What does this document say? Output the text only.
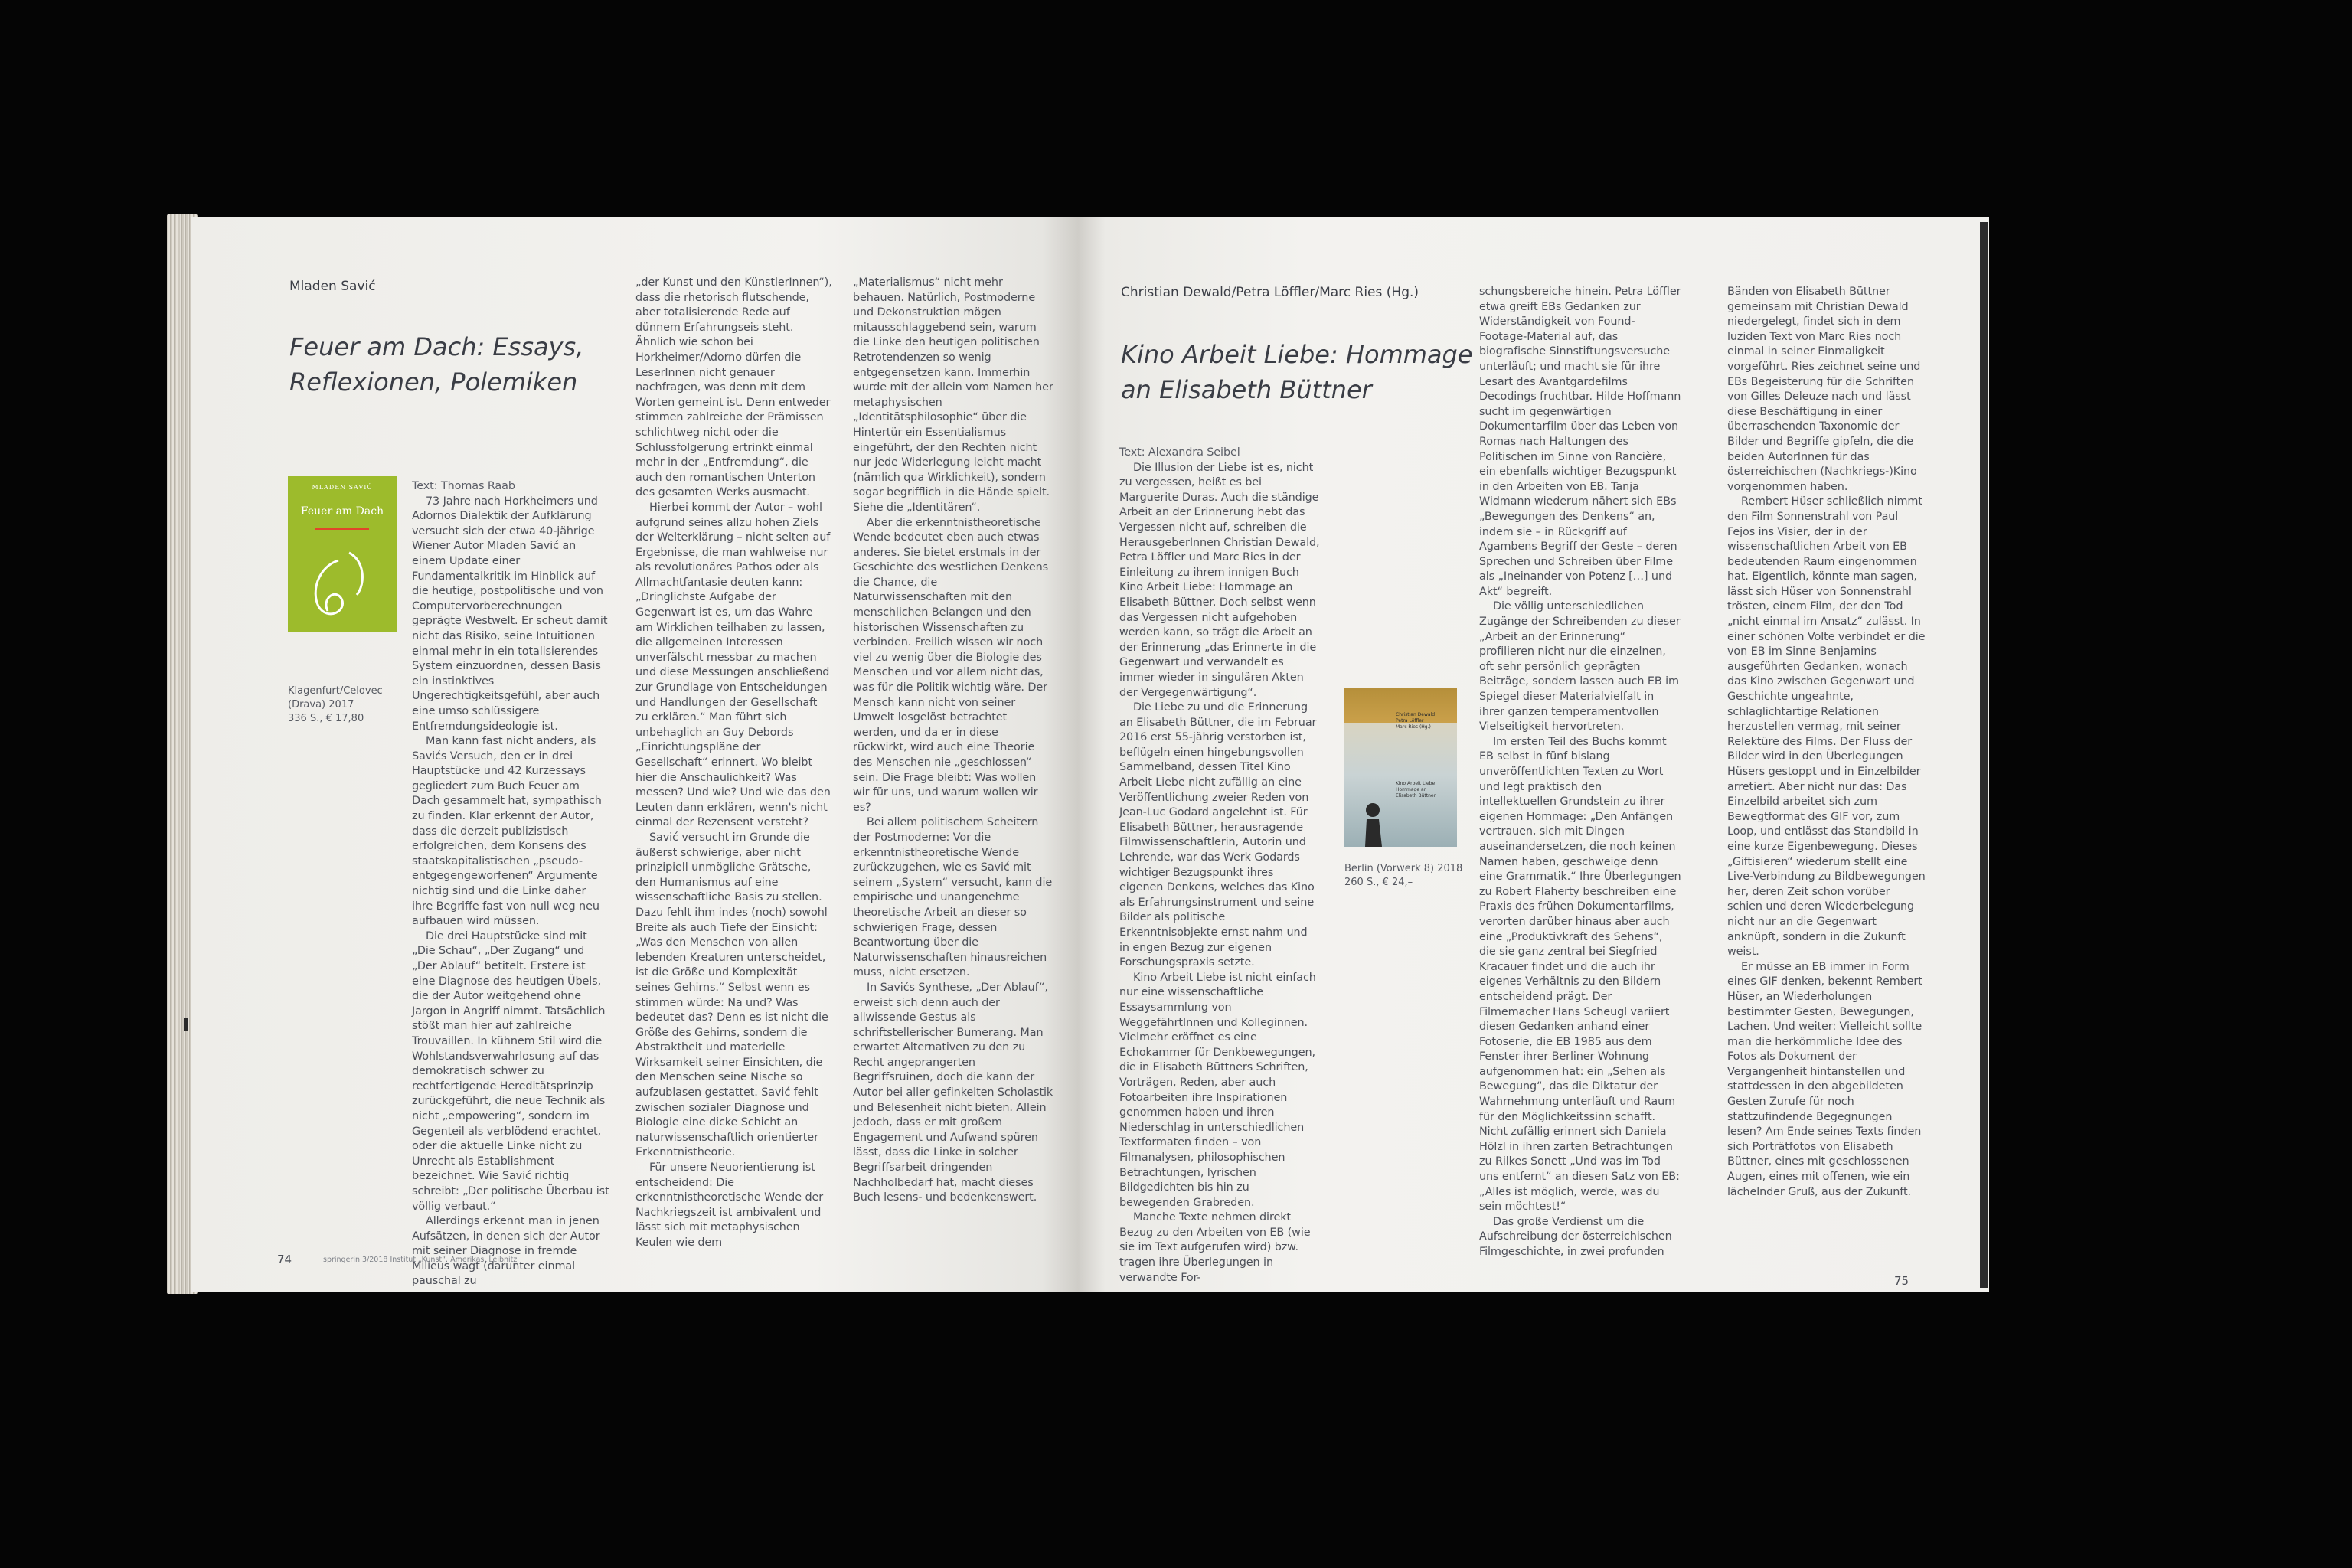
Mladen Savić
Feuer am Dach: Essays,
Reflexionen, Polemiken
MLADEN SAVIĆ
Feuer am Dach
Klagenfurt/Celovec
(Drava) 2017
336 S., € 17,80

Text: Thomas Raab

73 Jahre nach Horkheimers und Adornos Dialektik der Aufklärung versucht sich der etwa 40-jährige Wiener Autor Mladen Savić an einem Update einer Fundamentalkritik im Hinblick auf die heutige, postpolitische und von Computervorberechnungen geprägte Westwelt. Er scheut damit nicht das Risiko, seine Intuitionen einmal mehr in ein totalisierendes System einzuordnen, dessen Basis ein instinktives Ungerechtigkeitsgefühl, aber auch eine umso schlüssigere Entfremdungsideologie ist.

Man kann fast nicht anders, als Savićs Versuch, den er in drei Hauptstücke und 42 Kurzessays gegliedert zum Buch Feuer am Dach gesammelt hat, sympathisch zu finden. Klar erkennt der Autor, dass die derzeit publizistisch erfolgreichen, dem Konsens des staatskapitalistischen „pseudo-entgegengeworfenen“ Argumente nichtig sind und die Linke daher ihre Begriffe fast von null weg neu aufbauen wird müssen.

Die drei Hauptstücke sind mit „Die Schau“, „Der Zugang“ und „Der Ablauf“ betitelt. Erstere ist eine Diagnose des heutigen Übels, die der Autor weitgehend ohne Jargon in Angriff nimmt. Tatsächlich stößt man hier auf zahlreiche Trouvaillen. In kühnem Stil wird die Wohlstandsverwahrlosung auf das demokratisch schwer zu rechtfertigende Hereditätsprinzip zurückgeführt, die neue Technik als nicht „empowering“, sondern im Gegenteil als verblödend erachtet, oder die aktuelle Linke nicht zu Unrecht als Establishment bezeichnet. Wie Savić richtig schreibt: „Der politische Überbau ist völlig verbaut.“

Allerdings erkennt man in jenen Aufsätzen, in denen sich der Autor mit seiner Diagnose in fremde Milieus wagt (darunter einmal pauschal zu

„der Kunst und den KünstlerInnen“), dass die rhetorisch flutschende, aber totalisierende Rede auf dünnem Erfahrungseis steht. Ähnlich wie schon bei Horkheimer/Adorno dürfen die LeserInnen nicht genauer nachfragen, was denn mit dem Worten gemeint ist. Denn entweder stimmen zahlreiche der Prämissen schlichtweg nicht oder die Schlussfolgerung ertrinkt einmal mehr in der „Entfremdung“, die auch den romantischen Unterton des gesamten Werks ausmacht.

Hierbei kommt der Autor – wohl aufgrund seines allzu hohen Ziels der Welterklärung – nicht selten auf Ergebnisse, die man wahlweise nur als revolutionäres Pathos oder als Allmachtfantasie deuten kann: „Dringlichste Aufgabe der Gegenwart ist es, um das Wahre am Wirklichen teilhaben zu lassen, die allgemeinen Interessen unverfälscht messbar zu machen und diese Messungen anschließend zur Grundlage von Entscheidungen und Handlungen der Gesellschaft zu erklären.“ Man führt sich unbehaglich an Guy Debords „Einrichtungspläne der Gesellschaft“ erinnert. Wo bleibt hier die Anschaulichkeit? Was messen? Und wie? Und wie das den Leuten dann erklären, wenn's nicht einmal der Rezensent versteht?

Savić versucht im Grunde die äußerst schwierige, aber nicht prinzipiell unmögliche Grätsche, den Humanismus auf eine wissenschaftliche Basis zu stellen. Dazu fehlt ihm indes (noch) sowohl Breite als auch Tiefe der Einsicht: „Was den Menschen von allen lebenden Kreaturen unterscheidet, ist die Größe und Komplexität seines Gehirns.“ Selbst wenn es stimmen würde: Na und? Was bedeutet das? Denn es ist nicht die Größe des Gehirns, sondern die Abstraktheit und materielle Wirksamkeit seiner Einsichten, die den Menschen seine Nische so aufzublasen gestattet. Savić fehlt zwischen sozialer Diagnose und Biologie eine dicke Schicht an naturwissenschaftlich orientierter Erkenntnistheorie.

Für unsere Neuorientierung ist entscheidend: Die erkenntnistheoretische Wende der Nachkriegszeit ist ambivalent und lässt sich mit metaphysischen Keulen wie dem

„Materialismus“ nicht mehr behauen. Natürlich, Postmoderne und Dekonstruktion mögen mitausschlaggebend sein, warum die Linke den heutigen politischen Retrotendenzen so wenig entgegensetzen kann. Immerhin wurde mit der allein vom Namen her metaphysischen „Identitätsphilosophie“ über die Hintertür ein Essentialismus eingeführt, der den Rechten nicht nur jede Widerlegung leicht macht (nämlich qua Wirklichkeit), sondern sogar begrifflich in die Hände spielt. Siehe die „Identitären“.

Aber die erkenntnistheoretische Wende bedeutet eben auch etwas anderes. Sie bietet erstmals in der Geschichte des westlichen Denkens die Chance, die Naturwissenschaften mit den menschlichen Belangen und den historischen Wissenschaften zu verbinden. Freilich wissen wir noch viel zu wenig über die Biologie des Menschen und vor allem nicht das, was für die Politik wichtig wäre. Der Mensch kann nicht von seiner Umwelt losgelöst betrachtet werden, und da er in diese rückwirkt, wird auch eine Theorie des Menschen nie „geschlossen“ sein. Die Frage bleibt: Was wollen wir für uns, und warum wollen wir es?

Bei allem politischem Scheitern der Postmoderne: Vor die erkenntnistheoretische Wende zurückzugehen, wie es Savić mit seinem „System“ versucht, kann die empirische und unangenehme theoretische Arbeit an dieser so schwierigen Frage, dessen Beantwortung über die Naturwissenschaften hinausreichen muss, nicht ersetzen.

In Savićs Synthese, „Der Ablauf“, erweist sich denn auch der allwissende Gestus als schriftstellerischer Bumerang. Man erwartet Alternativen zu den zu Recht angeprangerten Begriffsruinen, doch die kann der Autor bei aller gefinkelten Scholastik und Belesenheit nicht bieten. Allein jedoch, dass er mit großem Engagement und Aufwand spüren lässt, dass die Linke in solcher Begriffsarbeit dringenden Nachholbedarf hat, macht dieses Buch lesens- und bedenkenswert.

74	springerin 3/2018 Institut „Kunst“. Amerikas, Leibnitz
Christian Dewald/Petra Löffler/Marc Ries (Hg.)
Kino Arbeit Liebe: Hommage
an Elisabeth Büttner

Text: Alexandra Seibel

Die Illusion der Liebe ist es, nicht zu vergessen, heißt es bei Marguerite Duras. Auch die ständige Arbeit an der Erinnerung hebt das Vergessen nicht auf, schreiben die HerausgeberInnen Christian Dewald, Petra Löffler und Marc Ries in der Einleitung zu ihrem innigen Buch Kino Arbeit Liebe: Hommage an Elisabeth Büttner. Doch selbst wenn das Vergessen nicht aufgehoben werden kann, so trägt die Arbeit an der Erinnerung „das Erinnerte in die Gegenwart und verwandelt es immer wieder in singulären Akten der Vergegenwärtigung“.

Die Liebe zu und die Erinnerung an Elisabeth Büttner, die im Februar 2016 erst 55-jährig verstorben ist, beflügeln einen hingebungsvollen Sammelband, dessen Titel Kino Arbeit Liebe nicht zufällig an eine Veröffentlichung zweier Reden von Jean-Luc Godard angelehnt ist. Für Elisabeth Büttner, herausragende Filmwissenschaftlerin, Autorin und Lehrende, war das Werk Godards wichtiger Bezugspunkt ihres eigenen Denkens, welches das Kino als Erfahrungsinstrument und seine Bilder als politische Erkenntnisobjekte ernst nahm und in engen Bezug zur eigenen Forschungspraxis setzte.

Kino Arbeit Liebe ist nicht einfach nur eine wissenschaftliche Essaysammlung von WeggefährtInnen und Kolleginnen. Vielmehr eröffnet es eine Echokammer für Denkbewegungen, die in Elisabeth Büttners Schriften, Vorträgen, Reden, aber auch Fotoarbeiten ihre Inspirationen genommen haben und ihren Niederschlag in unterschiedlichen Textformaten finden – von Filmanalysen, philosophischen Betrachtungen, lyrischen Bildgedichten bis hin zu bewegenden Grabreden.

Manche Texte nehmen direkt Bezug zu den Arbeiten von EB (wie sie im Text aufgerufen wird) bzw. tragen ihre Überlegungen in verwandte For-

Christian Dewald
Petra Löffler
Marc Ries (Hg.)
Kino Arbeit Liebe
Hommage an
Elisabeth Büttner
Berlin (Vorwerk 8) 2018
260 S., € 24,–

schungsbereiche hinein. Petra Löffler etwa greift EBs Gedanken zur Widerständigkeit von Found-Footage-Material auf, das biografische Sinnstiftungsversuche unterläuft; und macht sie für ihre Lesart des Avantgardefilms Decodings fruchtbar. Hilde Hoffmann sucht im gegenwärtigen Dokumentarfilm über das Leben von Romas nach Haltungen des Politischen im Sinne von Rancière, ein ebenfalls wichtiger Bezugspunkt in den Arbeiten von EB. Tanja Widmann wiederum nähert sich EBs „Bewegungen des Denkens“ an, indem sie – in Rückgriff auf Agambens Begriff der Geste – deren Sprechen und Schreiben über Filme als „Ineinander von Potenz […] und Akt“ begreift.

Die völlig unterschiedlichen Zugänge der Schreibenden zu dieser „Arbeit an der Erinnerung“ profilieren nicht nur die einzelnen, oft sehr persönlich geprägten Beiträge, sondern lassen auch EB im Spiegel dieser Materialvielfalt in ihrer ganzen temperamentvollen Vielseitigkeit hervortreten.

Im ersten Teil des Buchs kommt EB selbst in fünf bislang unveröffentlichten Texten zu Wort und legt praktisch den intellektuellen Grundstein zu ihrer eigenen Hommage: „Den Anfängen vertrauen, sich mit Dingen auseinandersetzen, die noch keinen Namen haben, geschweige denn eine Grammatik.“ Ihre Überlegungen zu Robert Flaherty beschreiben eine Praxis des frühen Dokumentarfilms, verorten darüber hinaus aber auch eine „Produktivkraft des Sehens“, die sie ganz zentral bei Siegfried Kracauer findet und die auch ihr eigenes Verhältnis zu den Bildern entscheidend prägt. Der Filmemacher Hans Scheugl variiert diesen Gedanken anhand einer Fotoserie, die EB 1985 aus dem Fenster ihrer Berliner Wohnung aufgenommen hat: ein „Sehen als Bewegung“, das die Diktatur der Wahrnehmung unterläuft und Raum für den Möglichkeitssinn schafft. Nicht zufällig erinnert sich Daniela Hölzl in ihren zarten Betrachtungen zu Rilkes Sonett „Und was im Tod uns entfernt“ an diesen Satz von EB: „Alles ist möglich, werde, was du sein möchtest!“

Das große Verdienst um die Aufschreibung der österreichischen Filmgeschichte, in zwei profunden

Bänden von Elisabeth Büttner gemeinsam mit Christian Dewald niedergelegt, findet sich in dem luziden Text von Marc Ries noch einmal in seiner Einmaligkeit vorgeführt. Ries zeichnet seine und EBs Begeisterung für die Schriften von Gilles Deleuze nach und lässt diese Beschäftigung in einer überraschenden Taxonomie der Bilder und Begriffe gipfeln, die die beiden AutorInnen für das österreichischen (Nachkriegs-)Kino vorgenommen haben.

Rembert Hüser schließlich nimmt den Film Sonnenstrahl von Paul Fejos ins Visier, der in der wissenschaftlichen Arbeit von EB bedeutenden Raum eingenommen hat. Eigentlich, könnte man sagen, lässt sich Hüser von Sonnenstrahl trösten, einem Film, der den Tod „nicht einmal im Ansatz“ zulässt. In einer schönen Volte verbindet er die von EB im Sinne Benjamins ausgeführten Gedanken, wonach das Kino zwischen Gegenwart und Geschichte ungeahnte, schlaglichtartige Relationen herzustellen vermag, mit seiner Relektüre des Films. Der Fluss der Bilder wird in den Überlegungen Hüsers gestoppt und in Einzelbilder arretiert. Aber nicht nur das: Das Einzelbild arbeitet sich zum Bewegtformat des GIF vor, zum Loop, und entlässt das Standbild in eine kurze Eigenbewegung. Dieses „Giftisieren“ wiederum stellt eine Live-Verbindung zu Bildbewegungen her, deren Zeit schon vorüber schien und deren Wiederbelegung nicht nur an die Gegenwart anknüpft, sondern in die Zukunft weist.

Er müsse an EB immer in Form eines GIF denken, bekennt Rembert Hüser, an Wiederholungen bestimmter Gesten, Bewegungen, Lachen. Und weiter: Vielleicht sollte man die herkömmliche Idee des Fotos als Dokument der Vergangenheit hintanstellen und stattdessen in den abgebildeten Gesten Zurufe für noch stattzufindende Begegnungen lesen? Am Ende seines Texts finden sich Porträtfotos von Elisabeth Büttner, eines mit geschlossenen Augen, eines mit offenen, wie ein lächelnder Gruß, aus der Zukunft.

75
